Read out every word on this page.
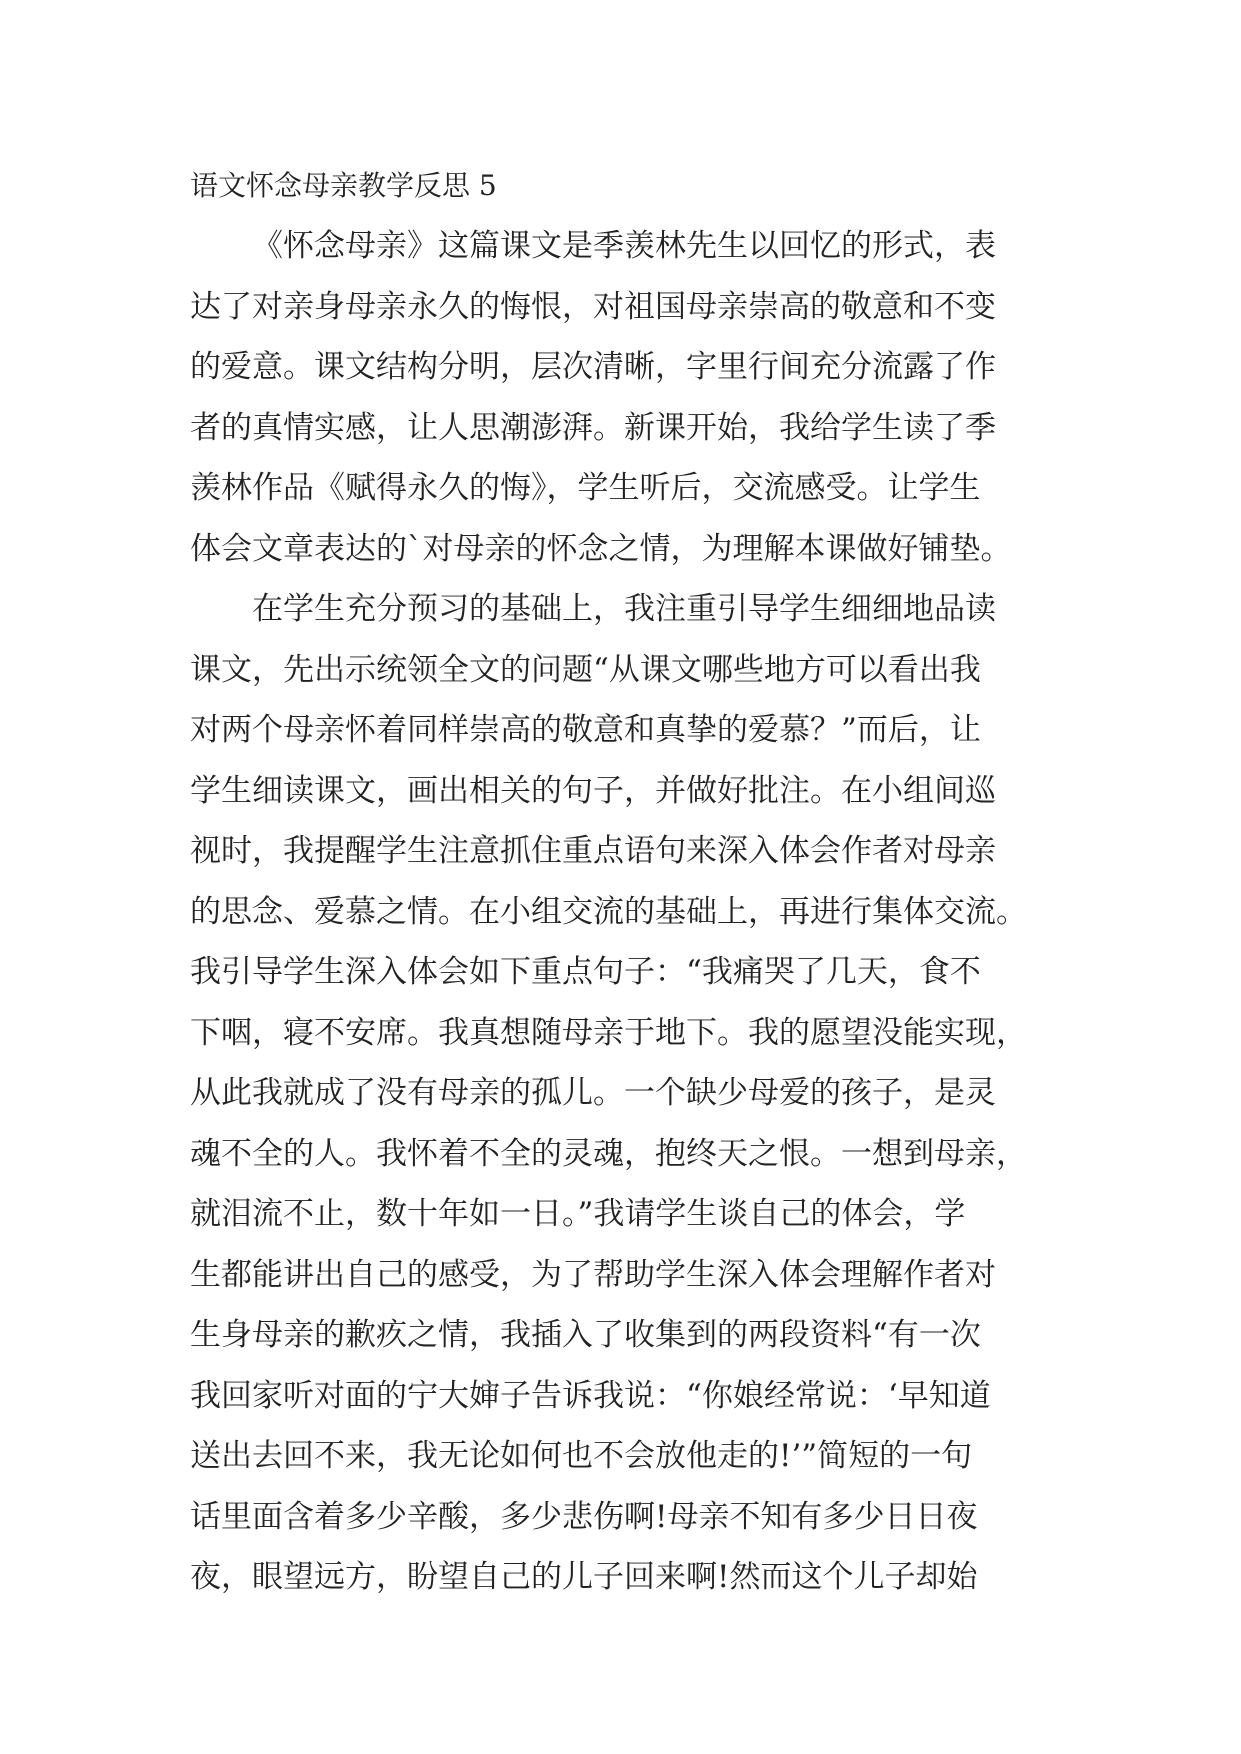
语文怀念母亲教学反思 5
《怀念母亲》这篇课文是季羡林先生以回忆的形式，表
达了对亲身母亲永久的悔恨，对祖国母亲崇高的敬意和不变
的爱意。课文结构分明，层次清晰，字里行间充分流露了作
者的真情实感，让人思潮澎湃。新课开始，我给学生读了季
羡林作品《赋得永久的悔》，学生听后，交流感受。让学生
体会文章表达的`对母亲的怀念之情，为理解本课做好铺垫。
在学生充分预习的基础上，我注重引导学生细细地品读
课文，先出示统领全文的问题“从课文哪些地方可以看出我
对两个母亲怀着同样崇高的敬意和真挚的爱慕？”而后，让
学生细读课文，画出相关的句子，并做好批注。在小组间巡
视时，我提醒学生注意抓住重点语句来深入体会作者对母亲
的思念、爱慕之情。在小组交流的基础上，再进行集体交流。
我引导学生深入体会如下重点句子：“我痛哭了几天，食不
下咽，寝不安席。我真想随母亲于地下。我的愿望没能实现，
从此我就成了没有母亲的孤儿。一个缺少母爱的孩子，是灵
魂不全的人。我怀着不全的灵魂，抱终天之恨。一想到母亲，
就泪流不止，数十年如一日。”我请学生谈自己的体会，学
生都能讲出自己的感受，为了帮助学生深入体会理解作者对
生身母亲的歉疚之情，我插入了收集到的两段资料“有一次
我回家听对面的宁大婶子告诉我说：“你娘经常说：‘早知道
送出去回不来，我无论如何也不会放他走的!’”简短的一句
话里面含着多少辛酸，多少悲伤啊!母亲不知有多少日日夜
夜，眼望远方，盼望自己的儿子回来啊!然而这个儿子却始
